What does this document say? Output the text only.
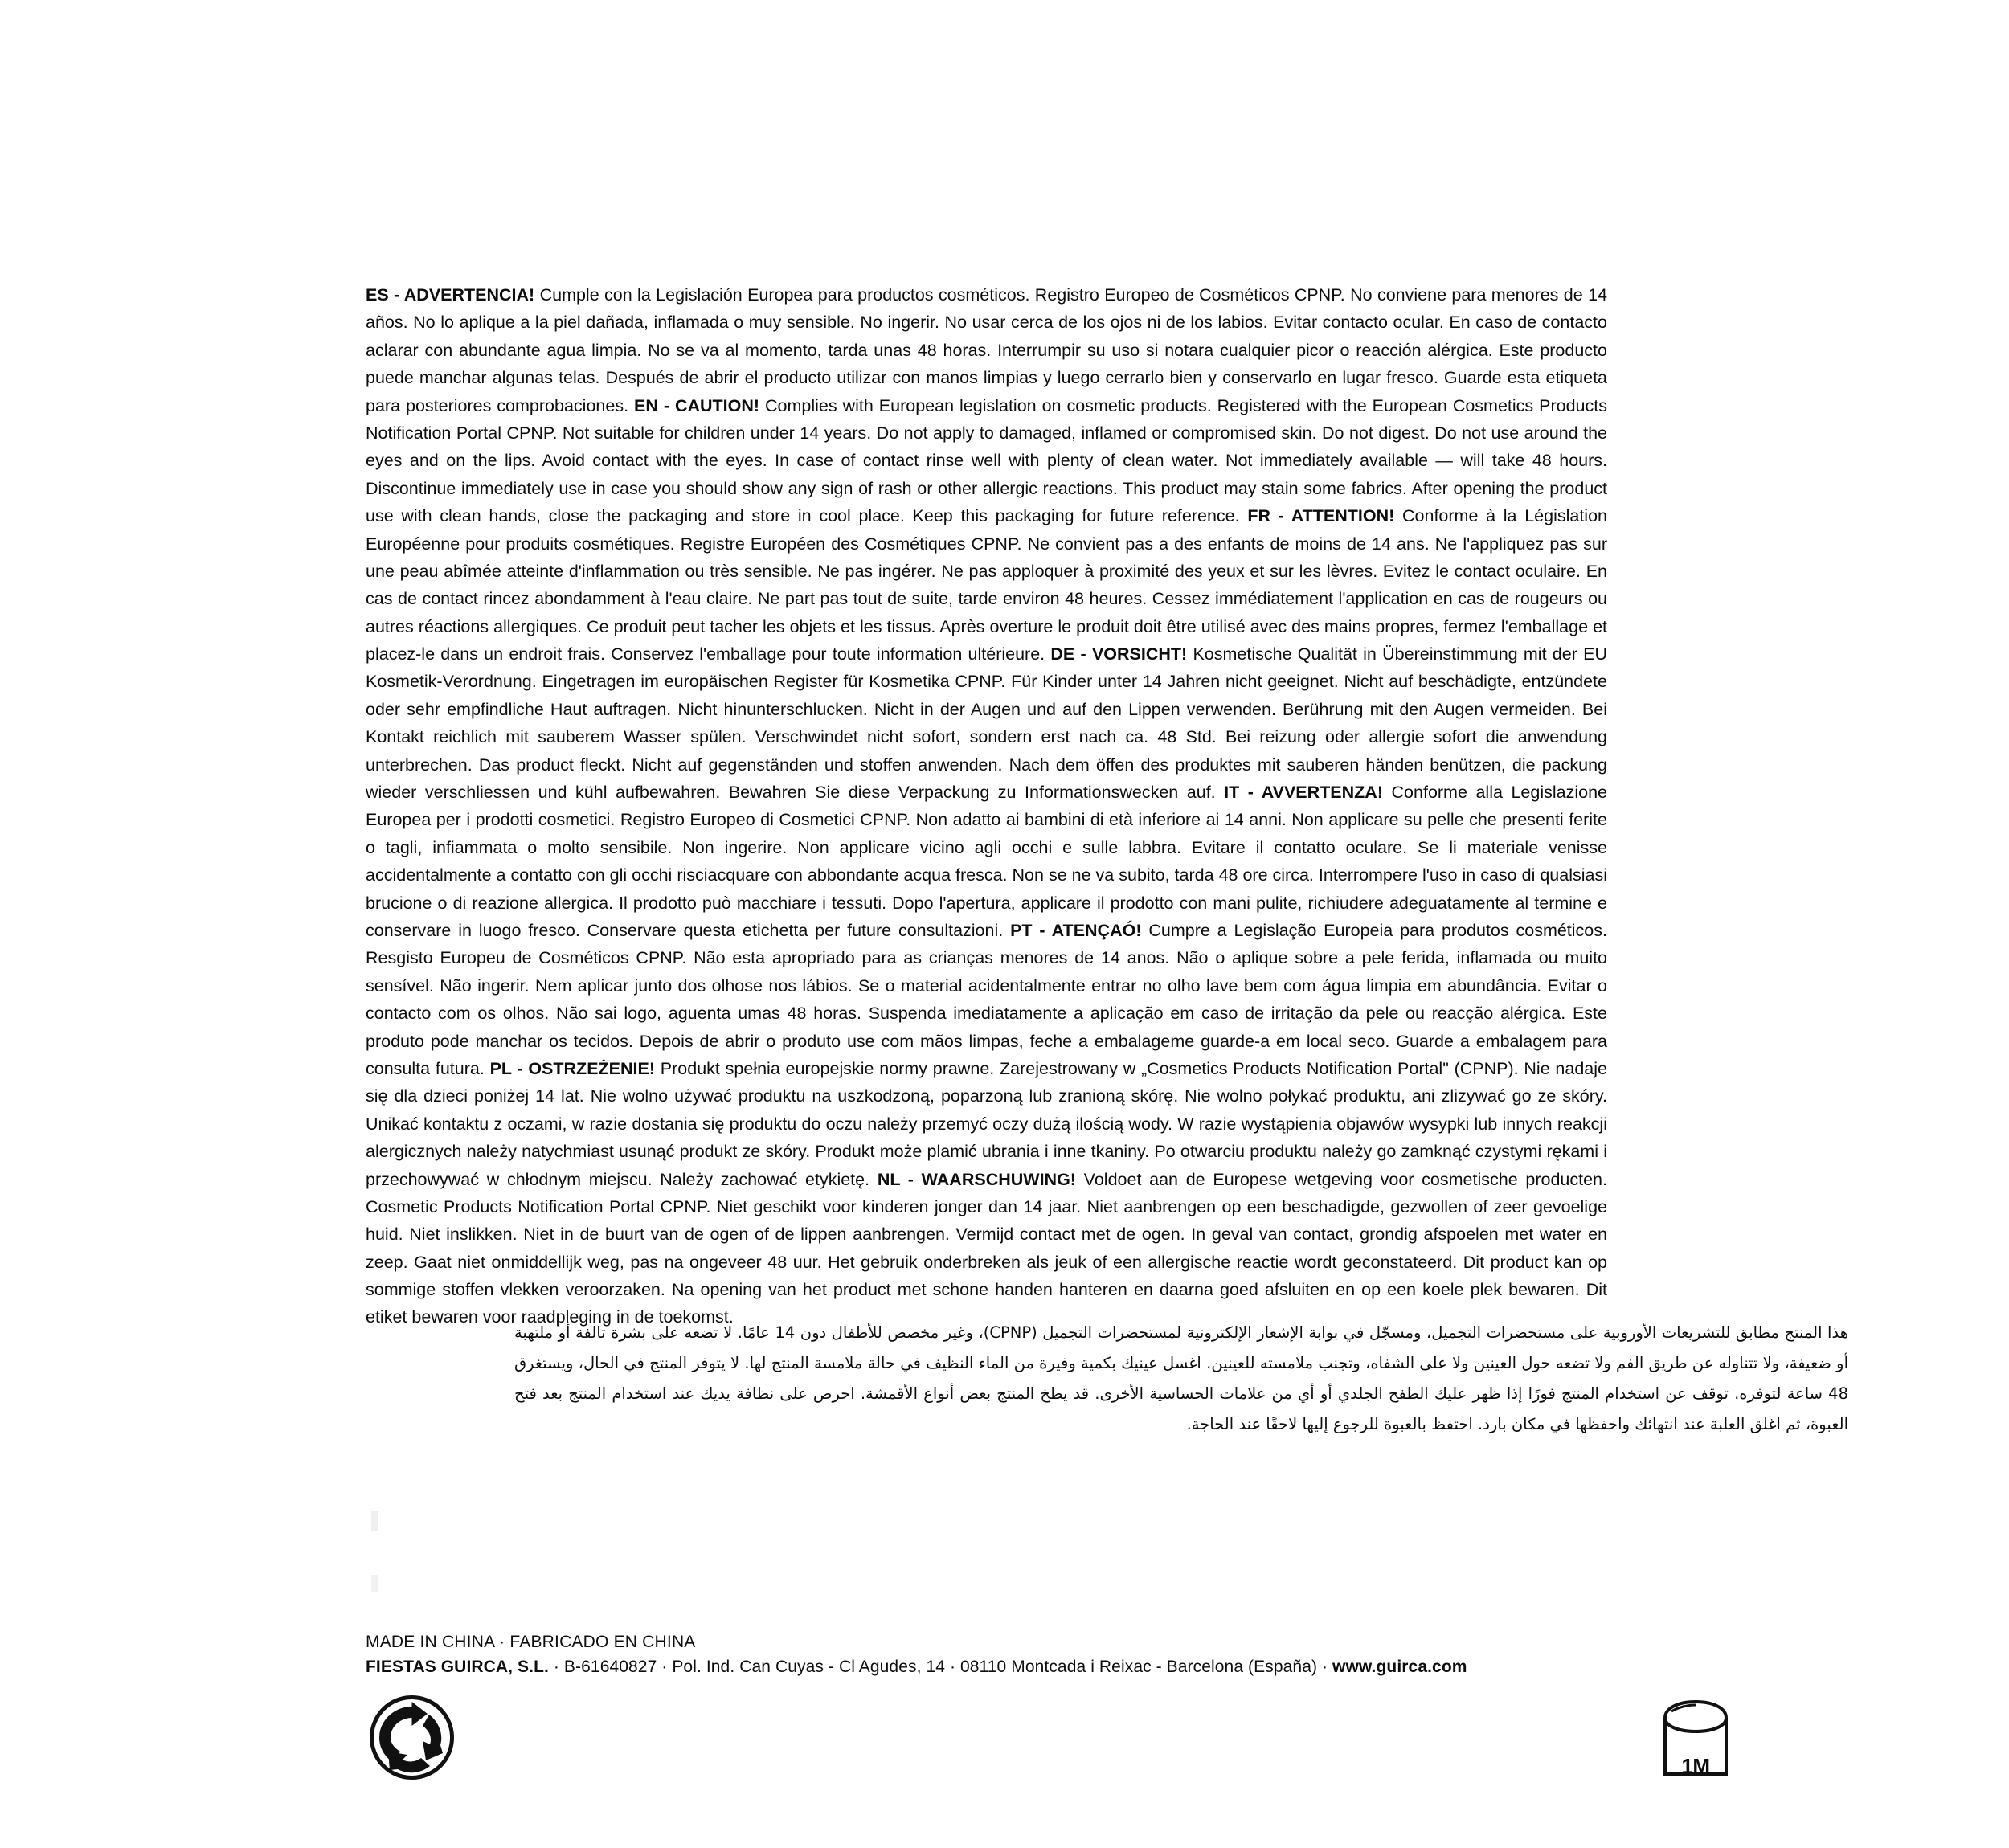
ES - ADVERTENCIA! Cumple con la Legislación Europea para productos cosméticos. Registro Europeo de Cosméticos CPNP. No conviene para menores de 14 años. No lo aplique a la piel dañada, inflamada o muy sensible. No ingerir. No usar cerca de los ojos ni de los labios. Evitar contacto ocular. En caso de contacto aclarar con abundante agua limpia. No se va al momento, tarda unas 48 horas. Interrumpir su uso si notara cualquier picor o reacción alérgica. Este producto puede manchar algunas telas. Después de abrir el producto utilizar con manos limpias y luego cerrarlo bien y conservarlo en lugar fresco. Guarde esta etiqueta para posteriores comprobaciones. EN - CAUTION! Complies with European legislation on cosmetic products. Registered with the European Cosmetics Products Notification Portal CPNP. Not suitable for children under 14 years. Do not apply to damaged, inflamed or compromised skin. Do not digest. Do not use around the eyes and on the lips. Avoid contact with the eyes. In case of contact rinse well with plenty of clean water. Not immediately available — will take 48 hours. Discontinue immediately use in case you should show any sign of rash or other allergic reactions. This product may stain some fabrics. After opening the product use with clean hands, close the packaging and store in cool place. Keep this packaging for future reference. FR - ATTENTION! Conforme à la Législation Européenne pour produits cosmétiques. Registre Européen des Cosmétiques CPNP. Ne convient pas a des enfants de moins de 14 ans. Ne l'appliquez pas sur une peau abîmée atteinte d'inflammation ou très sensible. Ne pas ingérer. Ne pas apploquer à proximité des yeux et sur les lèvres. Evitez le contact oculaire. En cas de contact rincez abondamment à l'eau claire. Ne part pas tout de suite, tarde environ 48 heures. Cessez immédiatement l'application en cas de rougeurs ou autres réactions allergiques. Ce produit peut tacher les objets et les tissus. Après overture le produit doit être utilisé avec des mains propres, fermez l'emballage et placez-le dans un endroit frais. Conservez l'emballage pour toute information ultérieure. DE - VORSICHT! Kosmetische Qualität in Übereinstimmung mit der EU Kosmetik-Verordnung. Eingetragen im europäischen Register für Kosmetika CPNP. Für Kinder unter 14 Jahren nicht geeignet. Nicht auf beschädigte, entzündete oder sehr empfindliche Haut auftragen. Nicht hinunterschlucken. Nicht in der Augen und auf den Lippen verwenden. Berührung mit den Augen vermeiden. Bei Kontakt reichlich mit sauberem Wasser spülen. Verschwindet nicht sofort, sondern erst nach ca. 48 Std. Bei reizung oder allergie sofort die anwendung unterbrechen. Das product fleckt. Nicht auf gegenständen und stoffen anwenden. Nach dem öffen des produktes mit sauberen händen benützen, die packung wieder verschliessen und kühl aufbewahren. Bewahren Sie diese Verpackung zu Informationswecken auf. IT - AVVERTENZA! Conforme alla Legislazione Europea per i prodotti cosmetici. Registro Europeo di Cosmetici CPNP. Non adatto ai bambini di età inferiore ai 14 anni. Non applicare su pelle che presenti ferite o tagli, infiammata o molto sensibile. Non ingerire. Non applicare vicino agli occhi e sulle labbra. Evitare il contatto oculare. Se li materiale venisse accidentalmente a contatto con gli occhi risciacquare con abbondante acqua fresca. Non se ne va subito, tarda 48 ore circa. Interrompere l'uso in caso di qualsiasi brucione o di reazione allergica. Il prodotto può macchiare i tessuti. Dopo l'apertura, applicare il prodotto con mani pulite, richiudere adeguatamente al termine e conservare in luogo fresco. Conservare questa etichetta per future consultazioni. PT - ATENÇAÓ! Cumpre a Legislação Europeia para produtos cosméticos. Resgisto Europeu de Cosméticos CPNP. Não esta apropriado para as crianças menores de 14 anos. Não o aplique sobre a pele ferida, inflamada ou muito sensível. Não ingerir. Nem aplicar junto dos olhose nos lábios. Se o material acidentalmente entrar no olho lave bem com água limpia em abundância. Evitar o contacto com os olhos. Não sai logo, aguenta umas 48 horas. Suspenda imediatamente a aplicação em caso de irritação da pele ou reacção alérgica. Este produto pode manchar os tecidos. Depois de abrir o produto use com mãos limpas, feche a embalageme guarde-a em local seco. Guarde a embalagem para consulta futura. PL - OSTRZEŻENIE! Produkt spełnia europejskie normy prawne. Zarejestrowany w „Cosmetics Products Notification Portal" (CPNP). Nie nadaje się dla dzieci poniżej 14 lat. Nie wolno używać produktu na uszkodzoną, poparzoną lub zranioną skórę. Nie wolno połykać produktu, ani zlizywać go ze skóry. Unikać kontaktu z oczami, w razie dostania się produktu do oczu należy przemyć oczy dużą ilością wody. W razie wystąpienia objawów wysypki lub innych reakcji alergicznych należy natychmiast usunąć produkt ze skóry. Produkt może plamić ubrania i inne tkaniny. Po otwarciu produktu należy go zamknąć czystymi rękami i przechowywać w chłodnym miejscu. Należy zachować etykietę. NL - WAARSCHUWING! Voldoet aan de Europese wetgeving voor cosmetische producten. Cosmetic Products Notification Portal CPNP. Niet geschikt voor kinderen jonger dan 14 jaar. Niet aanbrengen op een beschadigde, gezwollen of zeer gevoelige huid. Niet inslikken. Niet in de buurt van de ogen of de lippen aanbrengen. Vermijd contact met de ogen. In geval van contact, grondig afspoelen met water en zeep. Gaat niet onmiddellijk weg, pas na ongeveer 48 uur. Het gebruik onderbreken als jeuk of een allergische reactie wordt geconstateerd. Dit product kan op sommige stoffen vlekken veroorzaken. Na opening van het product met schone handen hanteren en daarna goed afsluiten en op een koele plek bewaren. Dit etiket bewaren voor raadpleging in de toekomst.
هذا المنتج مطابق للتشريعات الأوروبية على مستحضرات التجميل، ومسجّل في بوابة الإشعار الإلكترونية لمستحضرات التجميل (CPNP)، وغير مخصص للأطفال دون 14 عامًا. لا تضعه على بشرة تالفة أو ملتهبة أو ضعيفة، ولا تتناوله عن طريق الفم ولا تضعه حول العينين ولا على الشفاه، وتجنب ملامسته للعينين. اغسل عينيك بكمية وفيرة من الماء النظيف في حالة ملامسة المنتج لها. لا يتوفر المنتج في الحال، ويستغرق 48 ساعة لتوفره. توقف عن استخدام المنتج فورًا إذا ظهر عليك الطفح الجلدي أو أي من علامات الحساسية الأخرى. قد يطخ المنتج بعض أنواع الأقمشة. احرص على نظافة يديك عند استخدام المنتج بعد فتح العبوة، ثم اغلق العلبة عند انتهائك واحفظها في مكان بارد. احتفظ بالعبوة للرجوع إليها لاحقًا عند الحاجة.
MADE IN CHINA · FABRICADO EN CHINA
FIESTAS GUIRCA, S.L. · B-61640827 · Pol. Ind. Can Cuyas - Cl Agudes, 14 · 08110 Montcada i Reixac - Barcelona (España) · www.guirca.com
1M
